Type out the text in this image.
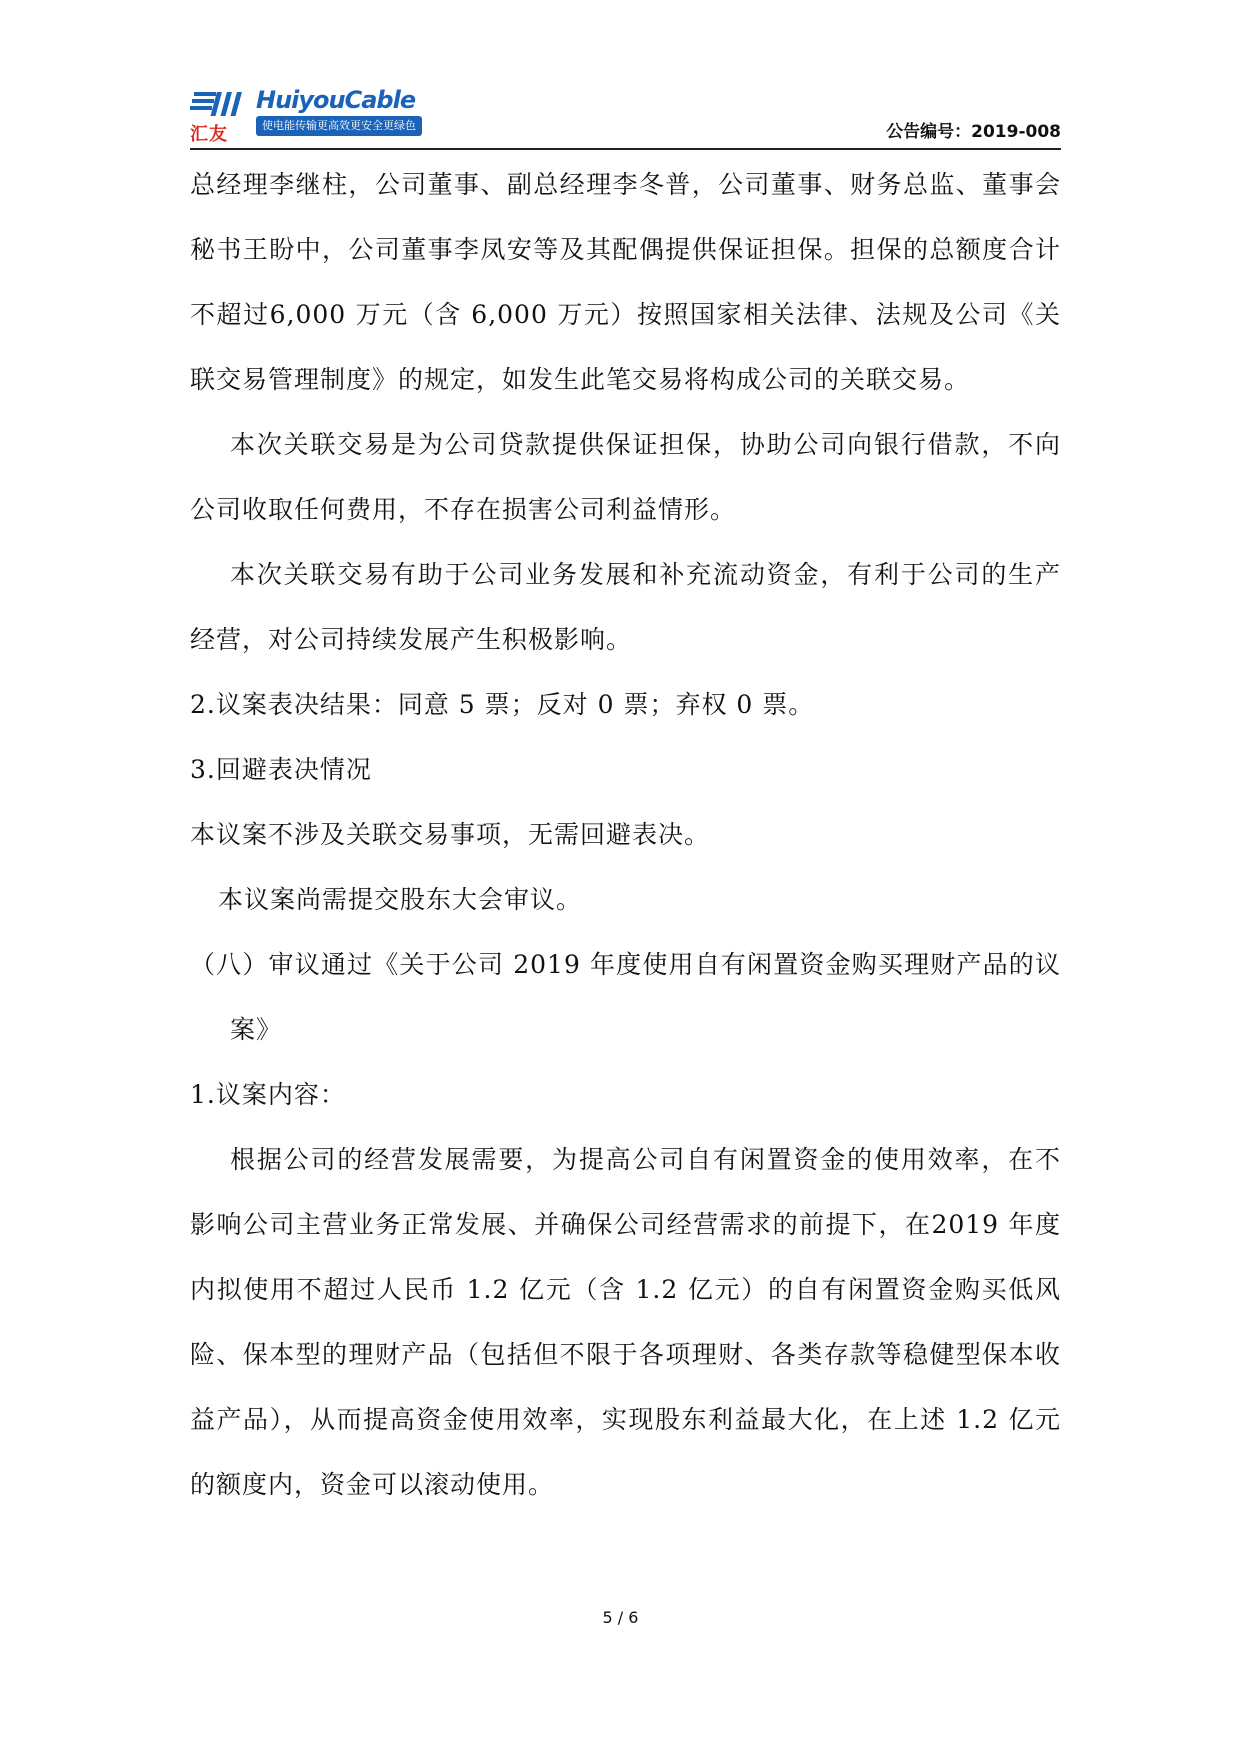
汇友
HuiyouCable
使电能传输更高效更安全更绿色	公告编号：2019-008

总经理李继柱，公司董事、副总经理李冬普，公司董事、财务总监、董事会秘书王盼中，公司董事李凤安等及其配偶提供保证担保。担保的总额度合计不超过6,000 万元（含 6,000 万元）按照国家相关法律、法规及公司《关联交易管理制度》的规定，如发生此笔交易将构成公司的关联交易。

本次关联交易是为公司贷款提供保证担保，协助公司向银行借款，不向公司收取任何费用，不存在损害公司利益情形。

本次关联交易有助于公司业务发展和补充流动资金，有利于公司的生产经营，对公司持续发展产生积极影响。

2.议案表决结果：同意 5 票；反对 0 票；弃权 0 票。

3.回避表决情况

本议案不涉及关联交易事项，无需回避表决。

本议案尚需提交股东大会审议。

（八）审议通过《关于公司 2019 年度使用自有闲置资金购买理财产品的议案》

1.议案内容：

根据公司的经营发展需要，为提高公司自有闲置资金的使用效率，在不影响公司主营业务正常发展、并确保公司经营需求的前提下，在2019 年度内拟使用不超过人民币 1.2 亿元（含 1.2 亿元）的自有闲置资金购买低风险、保本型的理财产品（包括但不限于各项理财、各类存款等稳健型保本收益产品），从而提高资金使用效率，实现股东利益最大化，在上述 1.2 亿元的额度内，资金可以滚动使用。

5 / 6
